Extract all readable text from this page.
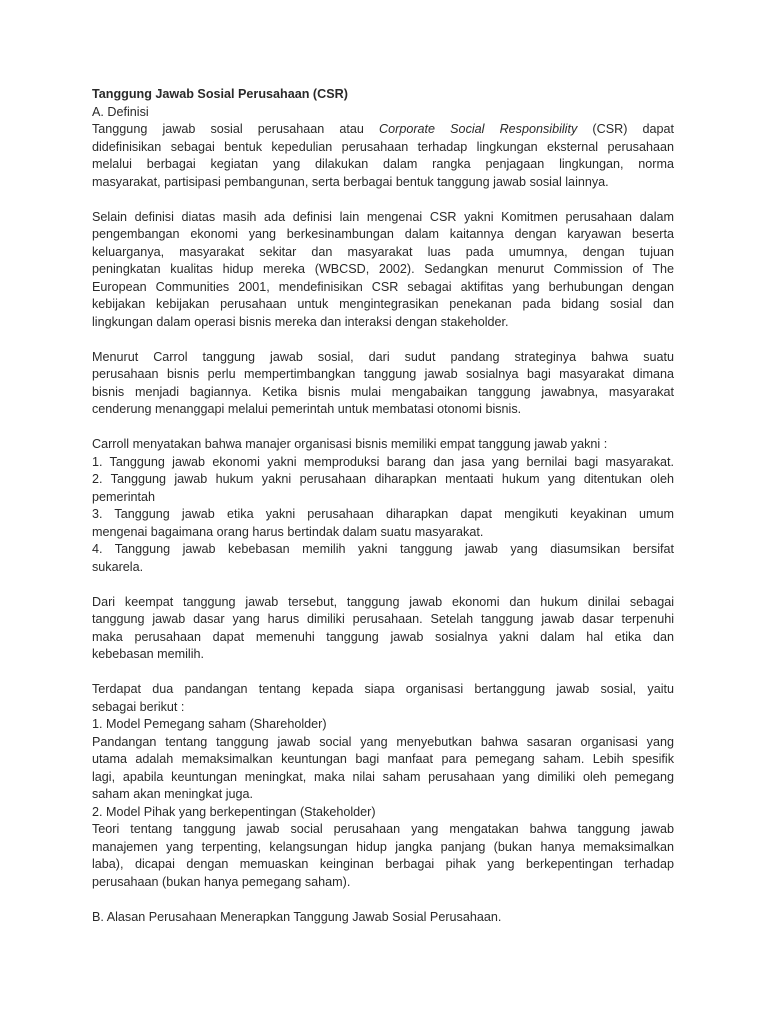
Tanggung Jawab Sosial Perusahaan (CSR)
A. Definisi
Tanggung jawab sosial perusahaan atau Corporate Social Responsibility (CSR) dapat
didefinisikan sebagai bentuk kepedulian perusahaan terhadap lingkungan eksternal perusahaan
melalui berbagai kegiatan yang dilakukan dalam rangka penjagaan lingkungan, norma
masyarakat, partisipasi pembangunan, serta berbagai bentuk tanggung jawab sosial lainnya.
Selain definisi diatas masih ada definisi lain mengenai CSR yakni Komitmen perusahaan dalam
pengembangan ekonomi yang berkesinambungan dalam kaitannya dengan karyawan beserta
keluarganya, masyarakat sekitar dan masyarakat luas pada umumnya, dengan tujuan
peningkatan kualitas hidup mereka (WBCSD, 2002). Sedangkan menurut Commission of The
European Communities 2001, mendefinisikan CSR sebagai aktifitas yang berhubungan dengan
kebijakan kebijakan perusahaan untuk mengintegrasikan penekanan pada bidang sosial dan
lingkungan dalam operasi bisnis mereka dan interaksi dengan stakeholder.
Menurut Carrol tanggung jawab sosial, dari sudut pandang strateginya bahwa suatu
perusahaan bisnis perlu mempertimbangkan tanggung jawab sosialnya bagi masyarakat dimana
bisnis menjadi bagiannya. Ketika bisnis mulai mengabaikan tanggung jawabnya, masyarakat
cenderung menanggapi melalui pemerintah untuk membatasi otonomi bisnis.
Carroll menyatakan bahwa manajer organisasi bisnis memiliki empat tanggung jawab yakni :
1. Tanggung jawab ekonomi yakni memproduksi barang dan jasa yang bernilai bagi masyarakat.
2. Tanggung jawab hukum yakni perusahaan diharapkan mentaati hukum yang ditentukan oleh
pemerintah
3. Tanggung jawab etika yakni perusahaan diharapkan dapat mengikuti keyakinan umum
mengenai bagaimana orang harus bertindak dalam suatu masyarakat.
4. Tanggung jawab kebebasan memilih yakni tanggung jawab yang diasumsikan bersifat
sukarela.
Dari keempat tanggung jawab tersebut, tanggung jawab ekonomi dan hukum dinilai sebagai
tanggung jawab dasar yang harus dimiliki perusahaan. Setelah tanggung jawab dasar terpenuhi
maka perusahaan dapat memenuhi tanggung jawab sosialnya yakni dalam hal etika dan
kebebasan memilih.
Terdapat dua pandangan tentang kepada siapa organisasi bertanggung jawab sosial, yaitu
sebagai berikut :
1. Model Pemegang saham (Shareholder)
Pandangan tentang tanggung jawab social yang menyebutkan bahwa sasaran organisasi yang
utama adalah memaksimalkan keuntungan bagi manfaat para pemegang saham. Lebih spesifik
lagi, apabila keuntungan meningkat, maka nilai saham perusahaan yang dimiliki oleh pemegang
saham akan meningkat juga.
2. Model Pihak yang berkepentingan (Stakeholder)
Teori tentang tanggung jawab social perusahaan yang mengatakan bahwa tanggung jawab
manajemen yang terpenting, kelangsungan hidup jangka panjang (bukan hanya memaksimalkan
laba), dicapai dengan memuaskan keinginan berbagai pihak yang berkepentingan terhadap
perusahaan (bukan hanya pemegang saham).
B. Alasan Perusahaan Menerapkan Tanggung Jawab Sosial Perusahaan.
